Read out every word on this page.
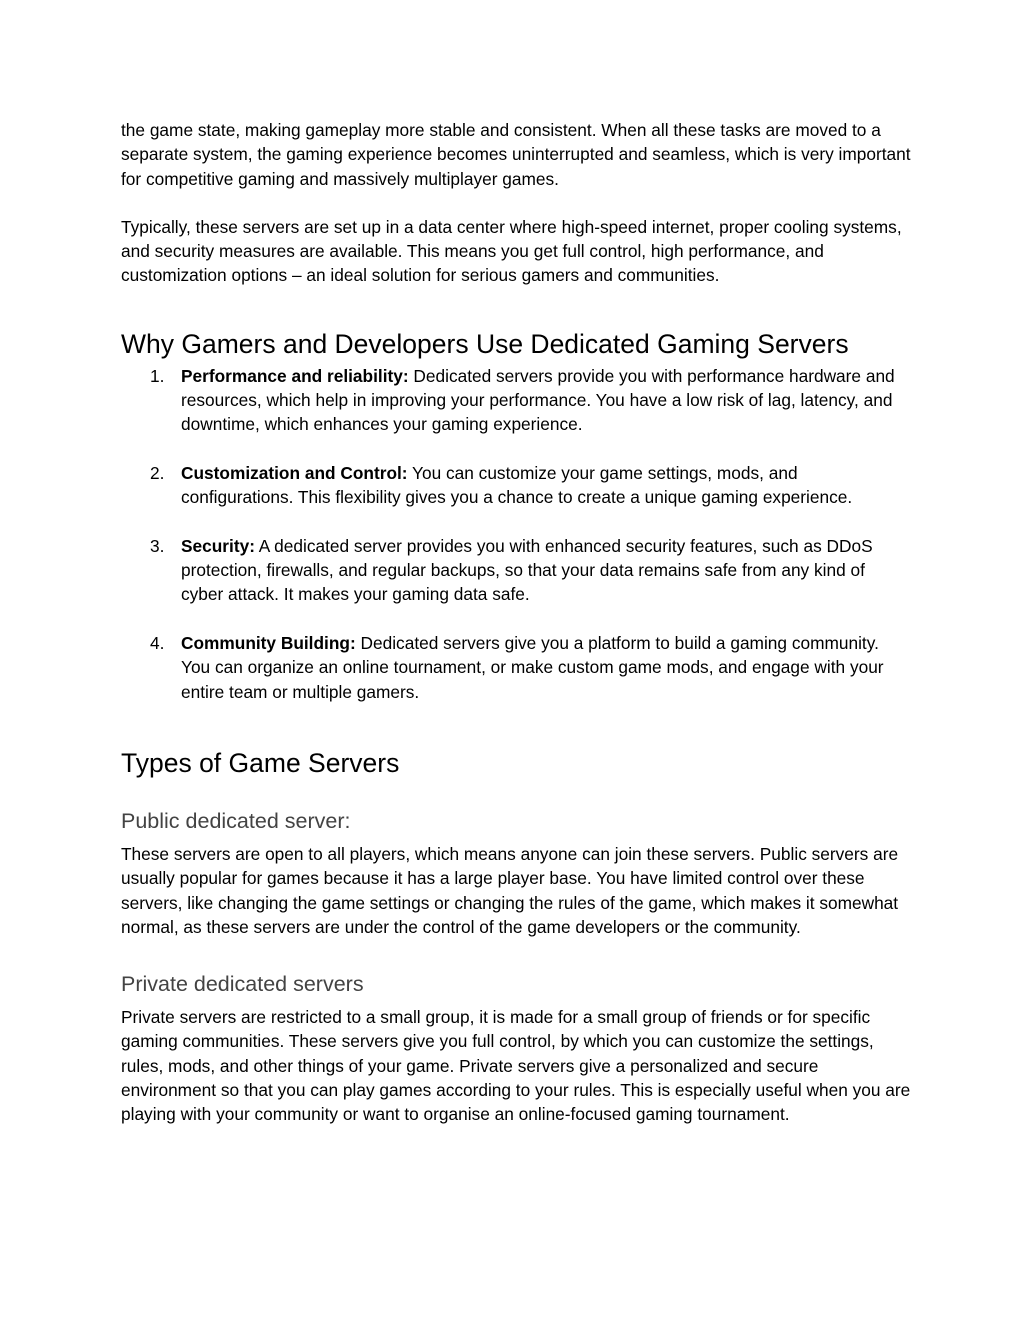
the game state, making gameplay more stable and consistent. When all these tasks are moved to a separate system, the gaming experience becomes uninterrupted and seamless, which is very important for competitive gaming and massively multiplayer games.

Typically, these servers are set up in a data center where high-speed internet, proper cooling systems, and security measures are available. This means you get full control, high performance, and customization options – an ideal solution for serious gamers and communities.

Why Gamers and Developers Use Dedicated Gaming Servers
1. Performance and reliability: Dedicated servers provide you with performance hardware and resources, which help in improving your performance. You have a low risk of lag, latency, and downtime, which enhances your gaming experience.
2. Customization and Control: You can customize your game settings, mods, and configurations. This flexibility gives you a chance to create a unique gaming experience.
3. Security: A dedicated server provides you with enhanced security features, such as DDoS protection, firewalls, and regular backups, so that your data remains safe from any kind of cyber attack. It makes your gaming data safe.
4. Community Building: Dedicated servers give you a platform to build a gaming community. You can organize an online tournament, or make custom game mods, and engage with your entire team or multiple gamers.
Types of Game Servers
Public dedicated server:

These servers are open to all players, which means anyone can join these servers. Public servers are usually popular for games because it has a large player base. You have limited control over these servers, like changing the game settings or changing the rules of the game, which makes it somewhat normal, as these servers are under the control of the game developers or the community.

Private dedicated servers

Private servers are restricted to a small group, it is made for a small group of friends or for specific gaming communities. These servers give you full control, by which you can customize the settings, rules, mods, and other things of your game. Private servers give a personalized and secure environment so that you can play games according to your rules. This is especially useful when you are playing with your community or want to organise an online-focused gaming tournament.
